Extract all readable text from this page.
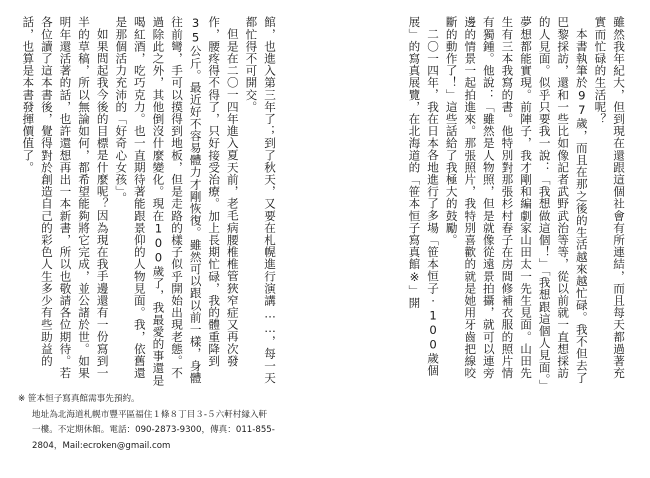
雖然我年紀大，但到現在還跟這個社會有所連結，而且每天都過著充實而忙碌的生活呢？

本書執筆於97歲，而且在那之後的生活越來越忙碌。我不但去了巴黎採訪，還和一些比如像記者武野武治等等，從以前就一直想採訪的人見面。似乎只要我一說：「我想做這個！」「我想跟這個人見面。」夢想都能實現。前陣子，我才剛和編劇家山田太一先生見面。山田先生有三本我寫的書。他特別對那張杉村春子在房間修補衣服的照片情有獨鍾。他說：「雖然是人物照，但是就像從遠景拍攝，就可以連旁邊的情景一起拍進來。那張照片，我特別喜歡的就是她用牙齒把線咬斷的動作了！」這些話給了我極大的鼓勵。

二〇一四年，我在日本各地進行了多場「笹本恒子‧100歲個展」的寫真展覽，在北海道的「笹本恒子寫真館※」開

館，也進入第三年了；到了秋天，又要在札幌進行演講……，每一天都忙得不可開交。

但是在二〇一四年進入夏天前，老毛病腰椎椎管狹窄症又再次發作，腰疼得不得了，只好接受治療。加上長期忙碌，我的體重降到35公斤。最近好不容易體力才剛恢復。雖然可以跟以前一樣，身體往前彎，手可以摸得到地板，但是走路的樣子似乎開始出現老態。不過除此之外，其他倒沒什麼變化。現在100歲了，我最愛的事還是喝紅酒，吃巧克力。也一直期待著能跟景仰的人物見面。我，依舊還是那個活力充沛的「好奇心女孩」。

如果問起我今後的目標是什麼呢？因為現在我手邊還有一份寫到一半的草稿，所以無論如何，都希望能夠將它完成，並公諸於世。如果明年還活著的話，也許還想再出一本新書，所以也敬請各位期待。若各位讀了這本書後，覺得對於創造自己的彩色人生多少有些助益的話，也算是本書發揮價值了。

※ 笹本恒子寫真館需事先預約。
地址為北海道札幌市豐平區福住１條８丁目３-５六軒村縁入軒
一樓。不定期休館。電話：090-2873-9300，傳真：011-855-
2804，Mail:ecroken@gmail.com
